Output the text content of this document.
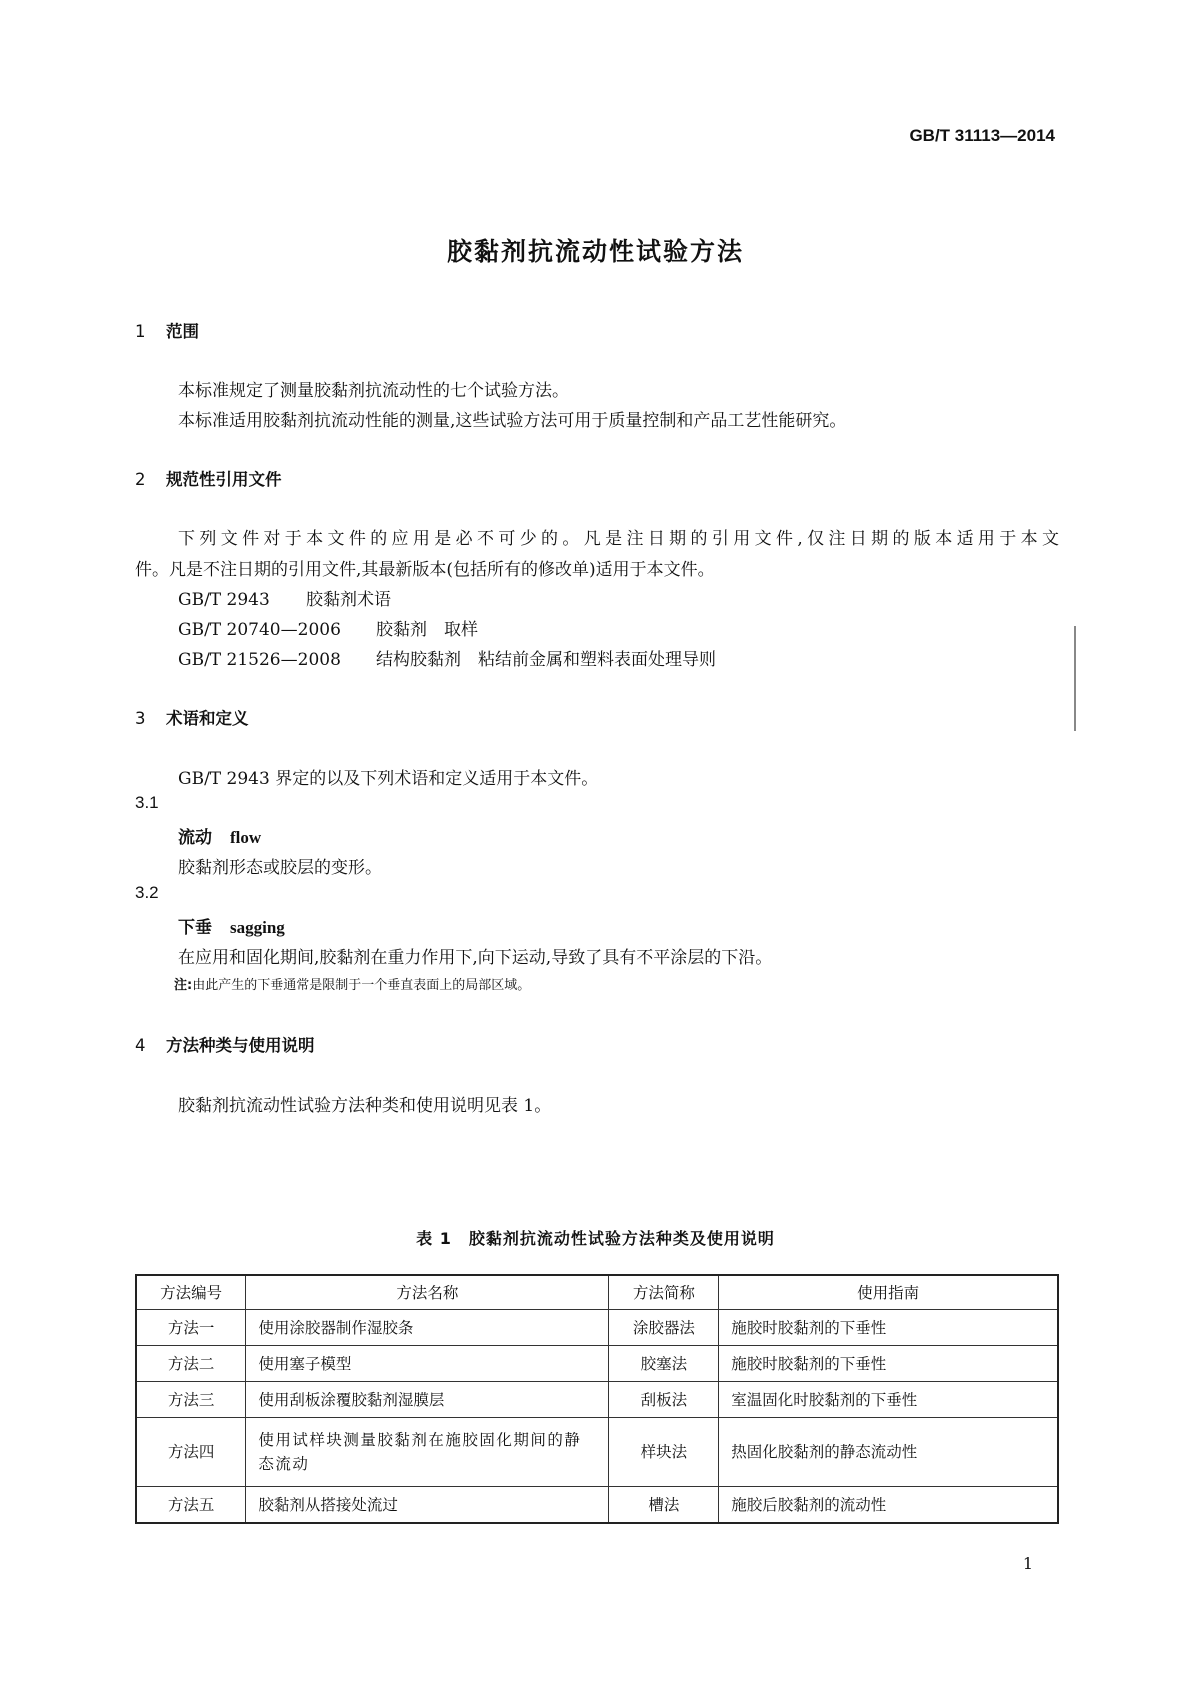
GB/T 31113—2014
胶黏剂抗流动性试验方法
1 范围
本标准规定了测量胶黏剂抗流动性的七个试验方法。
本标准适用胶黏剂抗流动性能的测量,这些试验方法可用于质量控制和产品工艺性能研究。
2 规范性引用文件
下列文件对于本文件的应用是必不可少的。凡是注日期的引用文件,仅注日期的版本适用于本文
件。凡是不注日期的引用文件,其最新版本(包括所有的修改单)适用于本文件。
GB/T 2943 胶黏剂术语
GB/T 20740—2006 胶黏剂　取样
GB/T 21526—2008 结构胶黏剂　粘结前金属和塑料表面处理导则
3 术语和定义
GB/T 2943 界定的以及下列术语和定义适用于本文件。
3.1
流动 flow
胶黏剂形态或胶层的变形。
3.2
下垂 sagging
在应用和固化期间,胶黏剂在重力作用下,向下运动,导致了具有不平涂层的下沿。
注:由此产生的下垂通常是限制于一个垂直表面上的局部区域。
4 方法种类与使用说明
胶黏剂抗流动性试验方法种类和使用说明见表 1。
表 1　胶黏剂抗流动性试验方法种类及使用说明
方法编号	方法名称	方法简称	使用指南
方法一	使用涂胶器制作湿胶条	涂胶器法	施胶时胶黏剂的下垂性
方法二	使用塞子模型	胶塞法	施胶时胶黏剂的下垂性
方法三	使用刮板涂覆胶黏剂湿膜层	刮板法	室温固化时胶黏剂的下垂性
方法四	使用试样块测量胶黏剂在施胶固化期间的静态流动	样块法	热固化胶黏剂的静态流动性
方法五	胶黏剂从搭接处流过	槽法	施胶后胶黏剂的流动性
1
